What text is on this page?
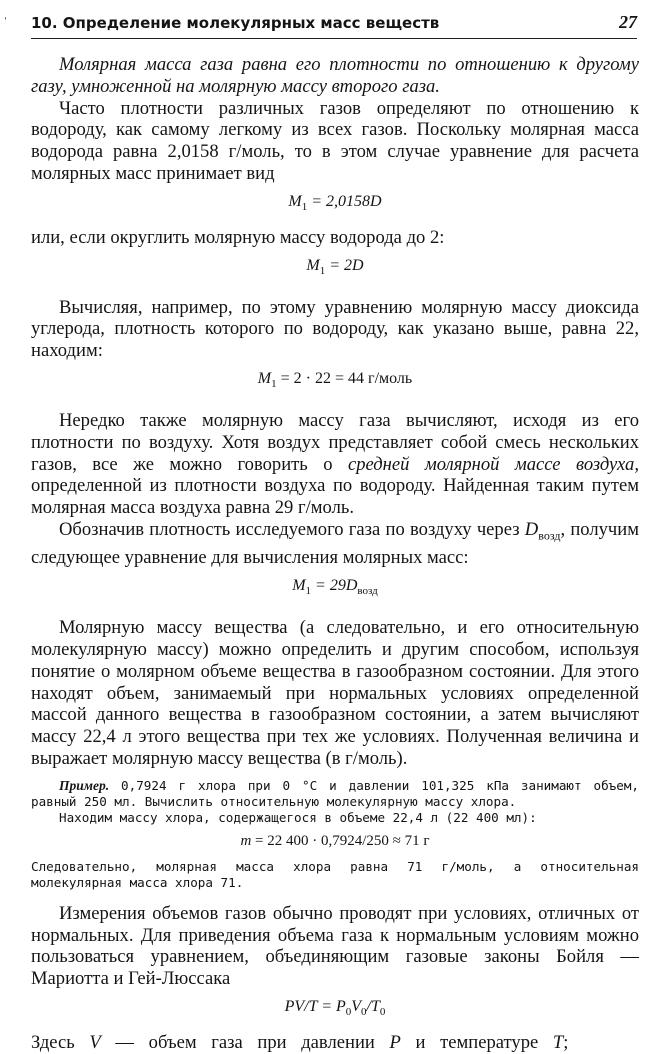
' 10. Определение молекулярных масс веществ	27

Молярная масса газа равна его плотности по отношению к другому газу, умноженной на молярную массу второго газа.

Часто плотности различных газов определяют по отношению к водороду, как самому легкому из всех газов. Поскольку молярная масса водорода равна 2,0158 г/моль, то в этом случае уравнение для расчета молярных масс принимает вид

$M_1 = 2,0158D$

или, если округлить молярную массу водорода до 2:

$M_1 = 2D$

Вычисляя, например, по этому уравнению молярную массу диоксида углерода, плотность которого по водороду, как указано выше, равна 22, находим:

$M_1 = 2 \cdot 22 = 44$ г/моль

Нередко также молярную массу газа вычисляют, исходя из его плотности по воздуху. Хотя воздух представляет собой смесь нескольких газов, все же можно говорить о средней молярной массе воздуха, определенной из плотности воздуха по водороду. Найденная таким путем молярная масса воздуха равна 29 г/моль.

Обозначив плотность исследуемого газа по воздуху через $D_{возд}$, получим следующее уравнение для вычисления молярных масс:

$M_1 = 29D_{возд}$

Молярную массу вещества (а следовательно, и его относительную молекулярную массу) можно определить и другим способом, используя понятие о молярном объеме вещества в газообразном состоянии. Для этого находят объем, занимаемый при нормальных условиях определенной массой данного вещества в газообразном состоянии, а затем вычисляют массу 22,4 л этого вещества при тех же условиях. Полученная величина и выражает молярную массу вещества (в г/моль).

Пример. 0,7924 г хлора при 0 °С и давлении 101,325 кПа занимают объем, равный 250 мл. Вычислить относительную молекулярную массу хлора.

Находим массу хлора, содержащегося в объеме 22,4 л (22 400 мл):

m = 22 400 · 0,7924/250 ≈ 71 г

Следовательно, молярная масса хлора равна 71 г/моль, а относительная молекулярная масса хлора 71.

Измерения объемов газов обычно проводят при условиях, отличных от нормальных. Для приведения объема газа к нормальным условиям можно пользоваться уравнением, объединяющим газовые законы Бойля — Мариотта и Гей-Люссака

$PV/T = P_0V_0/T_0$

Здесь V — объем газа при давлении P и температуре T;
